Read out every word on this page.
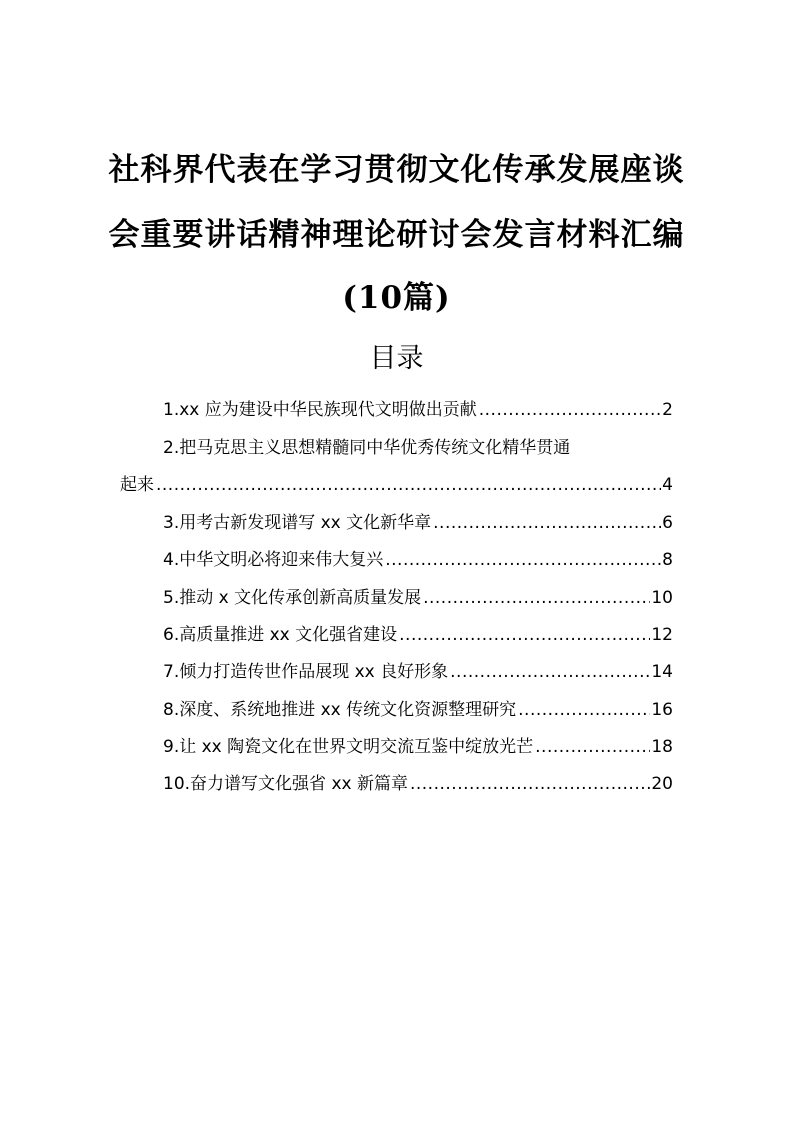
社科界代表在学习贯彻文化传承发展座谈
会重要讲话精神理论研讨会发言材料汇编
(10篇)
目录
1.xx 应为建设中华民族现代文明做出贡献 .....	2
2.把马克思主义思想精髓同中华优秀传统文化精华贯通
起来 .....	4
3.用考古新发现谱写 xx 文化新华章 .....	6
4.中华文明必将迎来伟大复兴 .....	8
5.推动 x 文化传承创新高质量发展 .....	10
6.高质量推进 xx 文化强省建设 .....	12
7.倾力打造传世作品展现 xx 良好形象 .....	14
8.深度、系统地推进 xx 传统文化资源整理研究 .....	16
9.让 xx 陶瓷文化在世界文明交流互鉴中绽放光芒 .....	18
10.奋力谱写文化强省 xx 新篇章 .....	20
